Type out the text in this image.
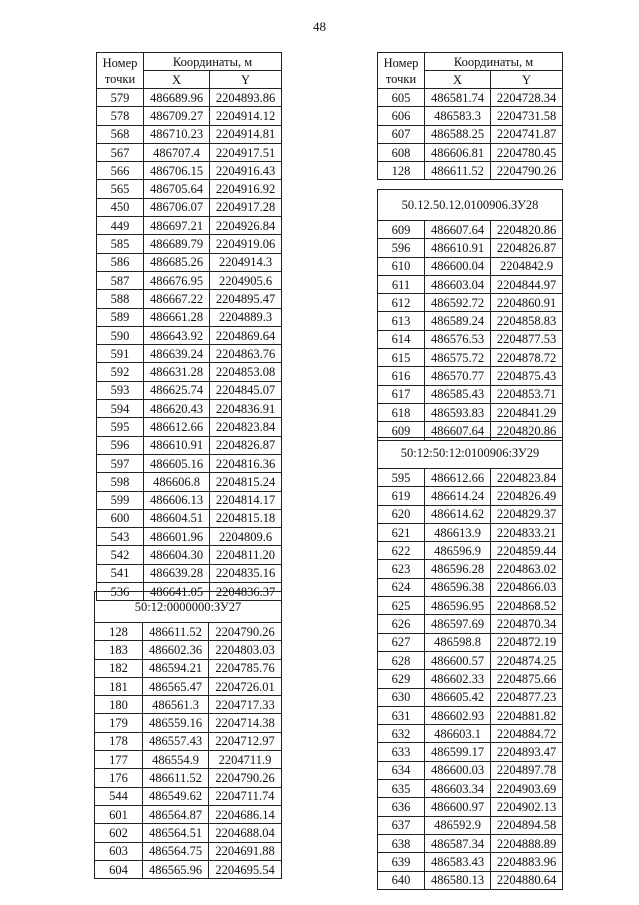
48
Номер
точки	Координаты, м	
	X	Y
579	486689.96	2204893.86
578	486709.27	2204914.12
568	486710.23	2204914.81
567	486707.4	2204917.51
566	486706.15	2204916.43
565	486705.64	2204916.92
450	486706.07	2204917.28
449	486697.21	2204926.84
585	486689.79	2204919.06
586	486685.26	2204914.3
587	486676.95	2204905.6
588	486667.22	2204895.47
589	486661.28	2204889.3
590	486643.92	2204869.64
591	486639.24	2204863.76
592	486631.28	2204853.08
593	486625.74	2204845.07
594	486620.43	2204836.91
595	486612.66	2204823.84
596	486610.91	2204826.87
597	486605.16	2204816.36
598	486606.8	2204815.24
599	486606.13	2204814.17
600	486604.51	2204815.18
543	486601.96	2204809.6
542	486604.30	2204811.20
541	486639.28	2204835.16
536	486641.05	2204836.37
50:12:0000000:ЗУ27		
128	486611.52	2204790.26
183	486602.36	2204803.03
182	486594.21	2204785.76
181	486565.47	2204726.01
180	486561.3	2204717.33
179	486559.16	2204714.38
178	486557.43	2204712.97
177	486554.9	2204711.9
176	486611.52	2204790.26
544	486549.62	2204711.74
601	486564.87	2204686.14
602	486564.51	2204688.04
603	486564.75	2204691.88
604	486565.96	2204695.54
Номер
точки	Координаты, м	
	X	Y
605	486581.74	2204728.34
606	486583.3	2204731.58
607	486588.25	2204741.87
608	486606.81	2204780.45
128	486611.52	2204790.26
50.12.50.12.0100906.ЗУ28		
609	486607.64	2204820.86
596	486610.91	2204826.87
610	486600.04	2204842.9
611	486603.04	2204844.97
612	486592.72	2204860.91
613	486589.24	2204858.83
614	486576.53	2204877.53
615	486575.72	2204878.72
616	486570.77	2204875.43
617	486585.43	2204853.71
618	486593.83	2204841.29
609	486607.64	2204820.86
50:12:50:12:0100906:ЗУ29		
595	486612.66	2204823.84
619	486614.24	2204826.49
620	486614.62	2204829.37
621	486613.9	2204833.21
622	486596.9	2204859.44
623	486596.28	2204863.02
624	486596.38	2204866.03
625	486596.95	2204868.52
626	486597.69	2204870.34
627	486598.8	2204872.19
628	486600.57	2204874.25
629	486602.33	2204875.66
630	486605.42	2204877.23
631	486602.93	2204881.82
632	486603.1	2204884.72
633	486599.17	2204893.47
634	486600.03	2204897.78
635	486603.34	2204903.69
636	486600.97	2204902.13
637	486592.9	2204894.58
638	486587.34	2204888.89
639	486583.43	2204883.96
640	486580.13	2204880.64
